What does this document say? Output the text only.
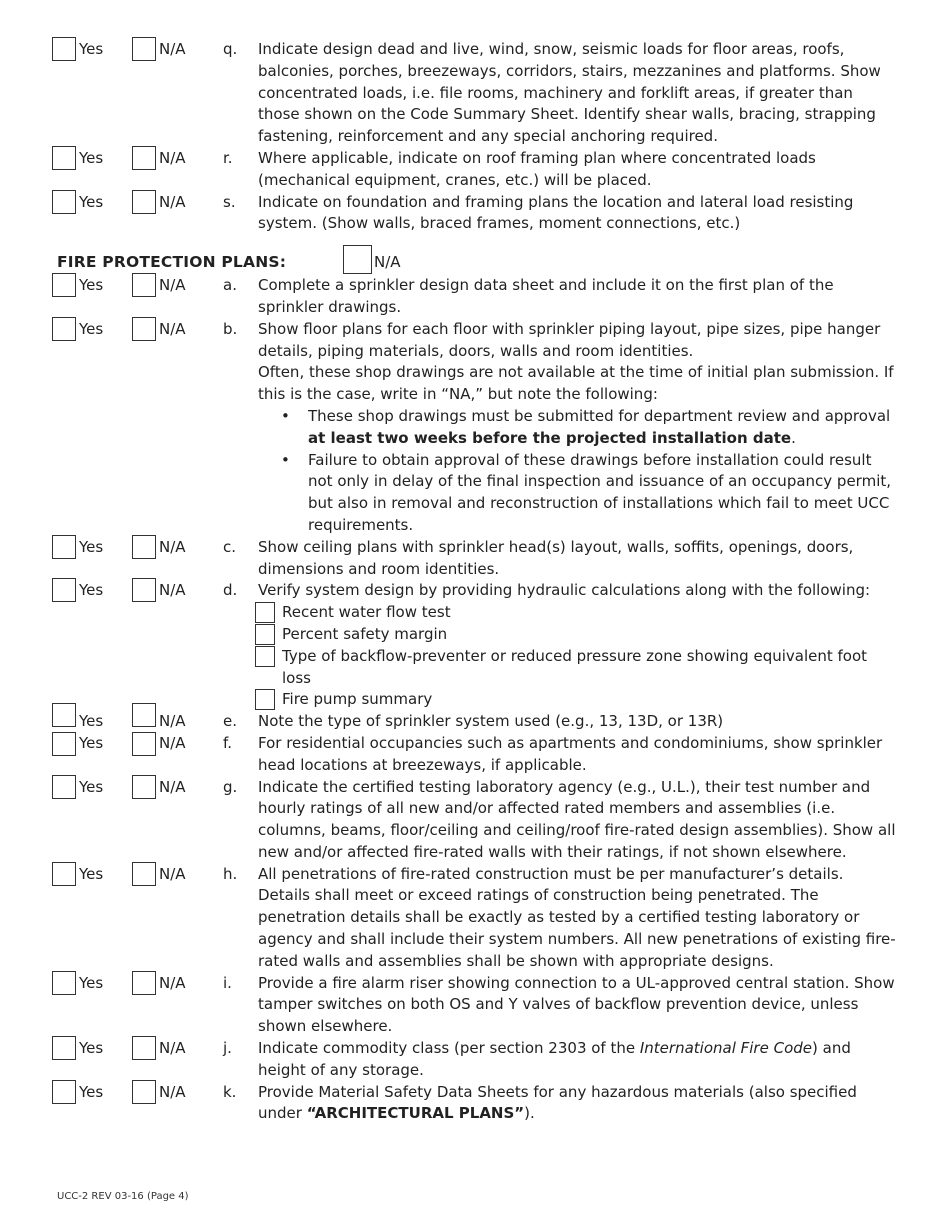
Yes	N/A q. Indicate design dead and live, wind, snow, seismic loads for floor areas, roofs, balconies, porches, breezeways, corridors, stairs, mezzanines and platforms. Show concentrated loads, i.e. file rooms, machinery and forklift areas, if greater than those shown on the Code Summary Sheet. Identify shear walls, bracing, strapping fastening, reinforcement and any special anchoring required.
Yes	N/A r. Where applicable, indicate on roof framing plan where concentrated loads (mechanical equipment, cranes, etc.) will be placed.
Yes	N/A s. Indicate on foundation and framing plans the location and lateral load resisting system. (Show walls, braced frames, moment connections, etc.)
FIRE PROTECTION PLANS:	N/A
Yes	N/A a. Complete a sprinkler design data sheet and include it on the first plan of the sprinkler drawings.
Yes	N/A b. Show floor plans for each floor with sprinkler piping layout, pipe sizes, pipe hanger details, piping materials, doors, walls and room identities.
Often, these shop drawings are not available at the time of initial plan submission. If this is the case, write in “NA,” but note the following:
• These shop drawings must be submitted for department review and approval at least two weeks before the projected installation date.
• Failure to obtain approval of these drawings before installation could result not only in delay of the final inspection and issuance of an occupancy permit, but also in removal and reconstruction of installations which fail to meet UCC requirements.
Yes	N/A c. Show ceiling plans with sprinkler head(s) layout, walls, soffits, openings, doors, dimensions and room identities.
Yes	N/A d. Verify system design by providing hydraulic calculations along with the following:
Recent water flow test
Percent safety margin
Type of backflow-preventer or reduced pressure zone showing equivalent foot loss
Fire pump summary
Yes	N/A e. Note the type of sprinkler system used (e.g., 13, 13D, or 13R)
Yes	N/A f. For residential occupancies such as apartments and condominiums, show sprinkler head locations at breezeways, if applicable.
Yes	N/A g. Indicate the certified testing laboratory agency (e.g., U.L.), their test number and hourly ratings of all new and/or affected rated members and assemblies (i.e. columns, beams, floor/ceiling and ceiling/roof fire-rated design assemblies). Show all new and/or affected fire-rated walls with their ratings, if not shown elsewhere.
Yes	N/A h. All penetrations of fire-rated construction must be per manufacturer’s details. Details shall meet or exceed ratings of construction being penetrated. The penetration details shall be exactly as tested by a certified testing laboratory or agency and shall include their system numbers. All new penetrations of existing fire-rated walls and assemblies shall be shown with appropriate designs.
Yes	N/A i. Provide a fire alarm riser showing connection to a UL-approved central station. Show tamper switches on both OS and Y valves of backflow prevention device, unless shown elsewhere.
Yes	N/A j. Indicate commodity class (per section 2303 of the International Fire Code) and height of any storage.
Yes	N/A k. Provide Material Safety Data Sheets for any hazardous materials (also specified under “ARCHITECTURAL PLANS”).
UCC-2 REV 03-16 (Page 4)
